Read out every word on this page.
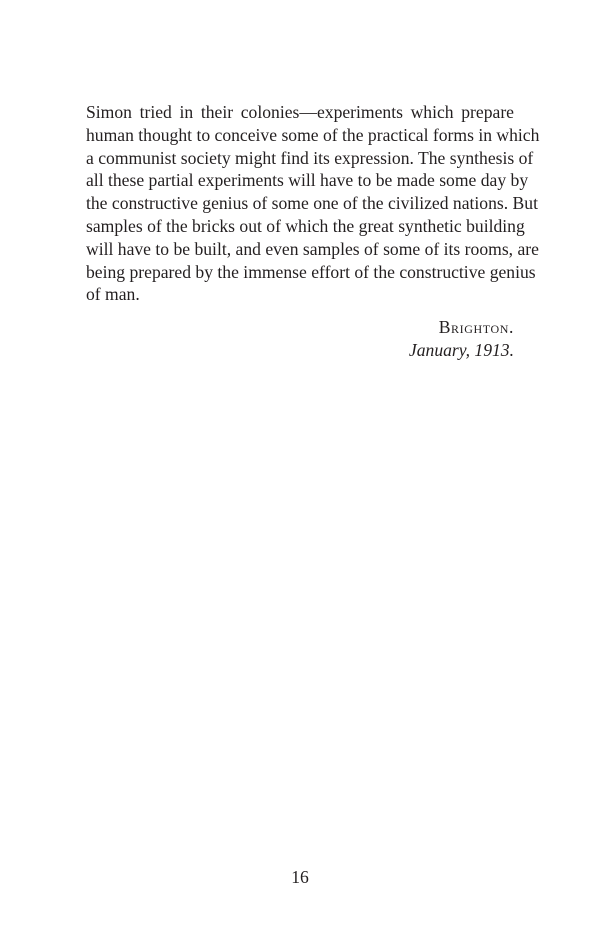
Simon tried in their colonies—experiments which prepare
human thought to conceive some of the practical forms in which
a communist society might find its expression. The synthesis of
all these partial experiments will have to be made some day by
the constructive genius of some one of the civilized nations. But
samples of the bricks out of which the great synthetic building
will have to be built, and even samples of some of its rooms, are
being prepared by the immense effort of the constructive genius
of man.

Brighton.
January, 1913.
16
